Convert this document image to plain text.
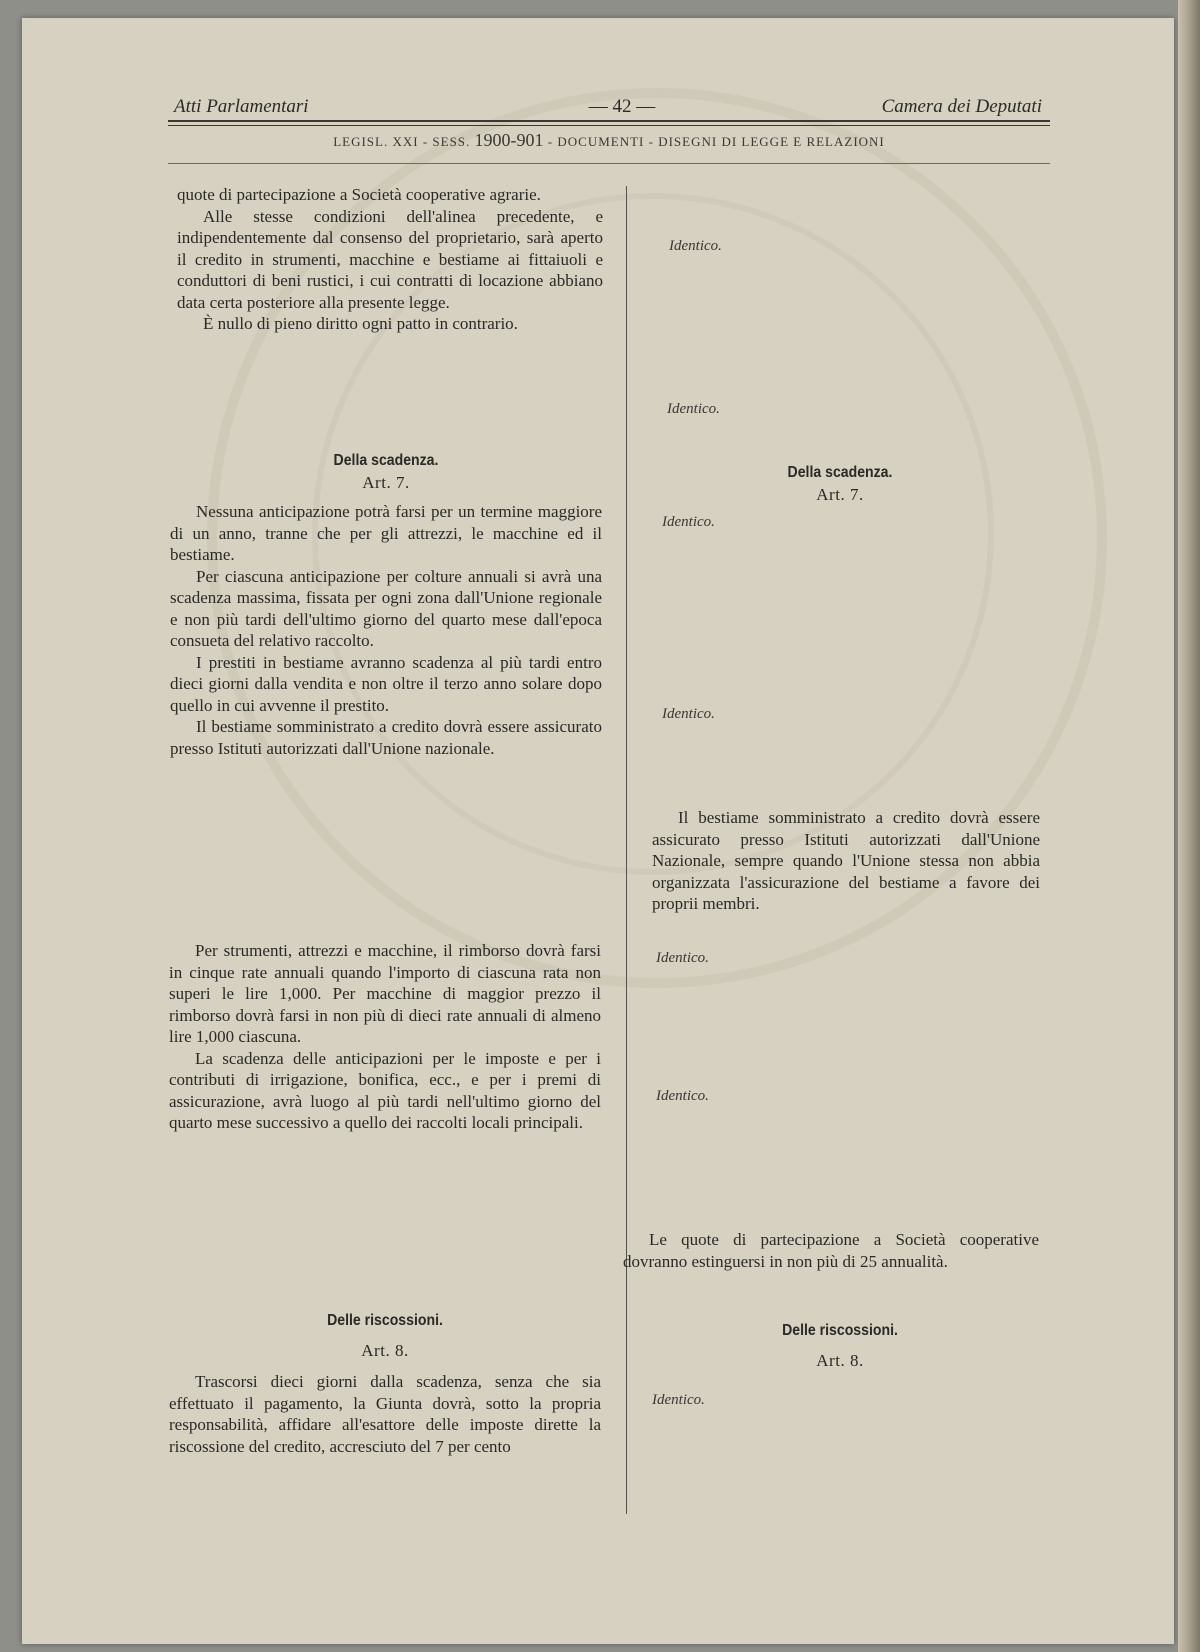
Atti Parlamentari	— 42 —	Camera dei Deputati
LEGISL. XXI - SESS. 1900-901 - DOCUMENTI - DISEGNI DI LEGGE E RELAZIONI

quote di partecipazione a Società cooperative agrarie.

Alle stesse condizioni dell'alinea precedente, e indipendentemente dal consenso del proprietario, sarà aperto il credito in strumenti, macchine e bestiame ai fittaiuoli e conduttori di beni rustici, i cui contratti di locazione abbiano data certa posteriore alla presente legge.

È nullo di pieno diritto ogni patto in contrario.

Della scadenza.

Art. 7.

Nessuna anticipazione potrà farsi per un termine maggiore di un anno, tranne che per gli attrezzi, le macchine ed il bestiame.

Per ciascuna anticipazione per colture annuali si avrà una scadenza massima, fissata per ogni zona dall'Unione regionale e non più tardi dell'ultimo giorno del quarto mese dall'epoca consueta del relativo raccolto.

I prestiti in bestiame avranno scadenza al più tardi entro dieci giorni dalla vendita e non oltre il terzo anno solare dopo quello in cui avvenne il prestito.

Il bestiame somministrato a credito dovrà essere assicurato presso Istituti autorizzati dall'Unione nazionale.

Per strumenti, attrezzi e macchine, il rimborso dovrà farsi in cinque rate annuali quando l'importo di ciascuna rata non superi le lire 1,000. Per macchine di maggior prezzo il rimborso dovrà farsi in non più di dieci rate annuali di almeno lire 1,000 ciascuna.

La scadenza delle anticipazioni per le imposte e per i contributi di irrigazione, bonifica, ecc., e per i premi di assicurazione, avrà luogo al più tardi nell'ultimo giorno del quarto mese successivo a quello dei raccolti locali principali.

Delle riscossioni.

Art. 8.

Trascorsi dieci giorni dalla scadenza, senza che sia effettuato il pagamento, la Giunta dovrà, sotto la propria responsabilità, affidare all'esattore delle imposte dirette la riscossione del credito, accresciuto del 7 per cento

Identico.
Identico.

Della scadenza.

Art. 7.

Identico.
Identico.

Il bestiame somministrato a credito dovrà essere assicurato presso Istituti autorizzati dall'Unione Nazionale, sempre quando l'Unione stessa non abbia organizzata l'assicurazione del bestiame a favore dei proprii membri.

Identico.
Identico.

Le quote di partecipazione a Società cooperative dovranno estinguersi in non più di 25 annualità.

Delle riscossioni.

Art. 8.

Identico.
